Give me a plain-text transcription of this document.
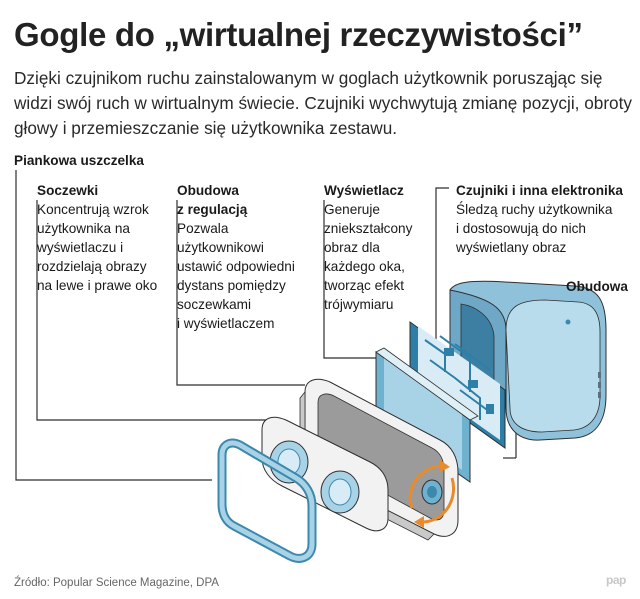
Gogle do „wirtualnej rzeczywistości”

Dzięki czujnikom ruchu zainstalowanym w goglach użytkownik porusząjąc się widzi swój ruch w wirtualnym świecie. Czujniki wychwytują zmianę pozycji, obroty głowy i przemieszczanie się użytkownika zestawu.

Piankowa uszczelka
Soczewki
Koncentrują wzrok
użytkownika na
wyświetlaczu i
rozdzielają obrazy
na lewe i prawe oko
Obudowa
z regulacją
Pozwala
użytkownikowi
ustawić odpowiedni
dystans pomiędzy
soczewkami
i wyświetlaczem
Wyświetlacz
Generuje
zniekształcony
obraz dla
każdego oka,
tworząc efekt
trójwymiaru
Czujniki i inna elektronika
Śledzą ruchy użytkownika
i dostosowują do nich
wyświetlany obraz
Obudowa
Źródło: Popular Science Magazine, DPA	pap
